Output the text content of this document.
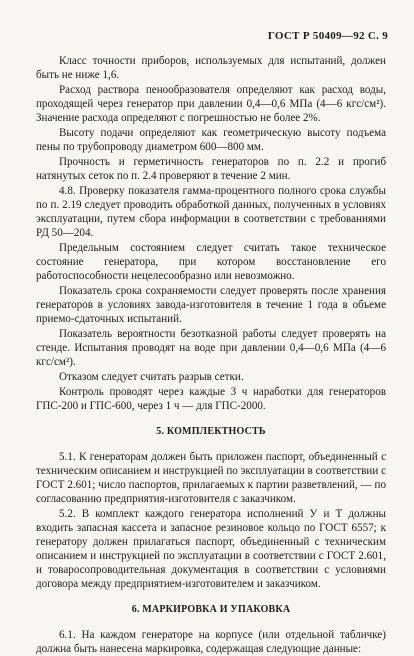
ГОСТ Р 50409—92 С. 9

Класс точности приборов, используемых для испытаний, должен быть не ниже 1,6.

Расход раствора пенообразователя определяют как расход воды, проходящей через генератор при давлении 0,4—0,6 МПа (4—6 кгс/см²). Значение расхода определяют с погрешностью не более 2%.

Высоту подачи определяют как геометрическую высоту подъема пены по трубопроводу диаметром 600—800 мм.

Прочность и герметичность генераторов по п. 2.2 и прогиб натянутых сеток по п. 2.4 проверяют в течение 2 мин.

4.8. Проверку показателя гамма-процентного полного срока службы по п. 2.19 следует проводить обработкой данных, полученных в условиях эксплуатации, путем сбора информации в соответствии с требованиями РД 50—204.

Предельным состоянием следует считать такое техническое состояние генератора, при котором восстановление его работоспособности нецелесообразно или невозможно.

Показатель срока сохраняемости следует проверять после хранения генераторов в условиях завода-изготовителя в течение 1 года в объеме приемо-сдаточных испытаний.

Показатель вероятности безотказной работы следует проверять на стенде. Испытания проводят на воде при давлении 0,4—0,6 МПа (4—6 кгс/см²).

Отказом следует считать разрыв сетки.

Контроль проводят через каждые 3 ч наработки для генераторов ГПС-200 и ГПС-600, через 1 ч — для ГПС-2000.

5. КОМПЛЕКТНОСТЬ

5.1. К генераторам должен быть приложен паспорт, объединенный с техническим описанием и инструкцией по эксплуатации в соответствии с ГОСТ 2.601; число паспортов, прилагаемых к партии разветвлений, — по согласованию предприятия-изготовителя с заказчиком.

5.2. В комплект каждого генератора исполнений У и Т должны входить запасная кассета и запасное резиновое кольцо по ГОСТ 6557; к генератору должен прилагаться паспорт, объединенный с техническим описанием и инструкцией по эксплуатации в соответствии с ГОСТ 2.601, и товаросопроводительная документация в соответствии с условиями договора между предприятием-изготовителем и заказчиком.

6. МАРКИРОВКА И УПАКОВКА

6.1. На каждом генераторе на корпусе (или отдельной табличке) должна быть нанесена маркировка, содержащая следующие данные:
